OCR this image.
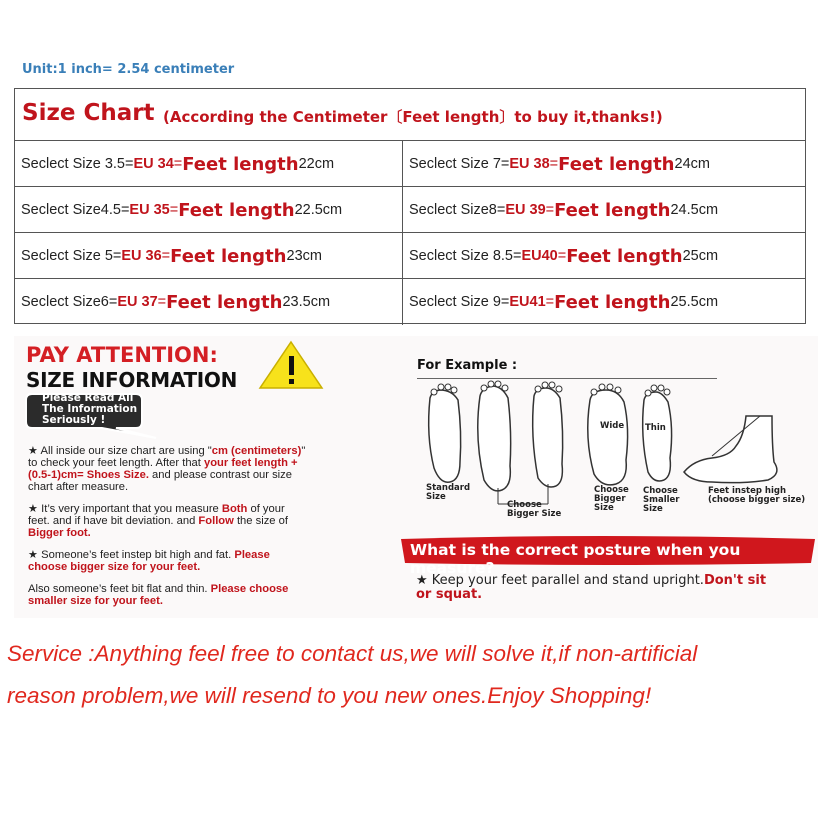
Unit:1 inch= 2.54 centimeter
Size Chart (According the Centimeter〔Feet length〕to buy it,thanks!)
Seclect Size 3.5= EU 34 = Feet length 22cm	Seclect Size 7= EU 38 = Feet length 24cm
Seclect Size4.5= EU 35 = Feet length 22.5cm	Seclect Size8= EU 39 = Feet length 24.5cm
Seclect Size 5= EU 36 = Feet length 23cm	Seclect Size 8.5= EU40 = Feet length 25cm
Seclect Size6= EU 37 = Feet length 23.5cm	Seclect Size 9= EU41 = Feet length 25.5cm
PAY ATTENTION:
SIZE INFORMATION
Please Read All
The Information
Seriously !
★ All inside our size chart are using "cm (centimeters)"
to check your feet length. After that your feet length +
(0.5-1)cm= Shoes Size. and please contrast our size
chart after measure.
★ It’s very important that you measure Both of your
feet. and if have bit deviation. and Follow the size of
Bigger foot.
★ Someone’s feet instep bit high and fat. Please
choose bigger size for your feet.
Also someone’s feet bit flat and thin. Please choose
smaller size for your feet.
For Example :
Wide Thin
Standard
Size
Choose
Bigger Size
Choose
Bigger
Size
Choose
Smaller
Size
Feet instep high
(choose bigger size)
What is the correct posture when you measure?
★ Keep your feet parallel and stand upright.Don't sit
or squat.
Service :Anything feel free to contact us,we will solve it,if non-artificial
reason problem,we will resend to you new ones.Enjoy Shopping!
